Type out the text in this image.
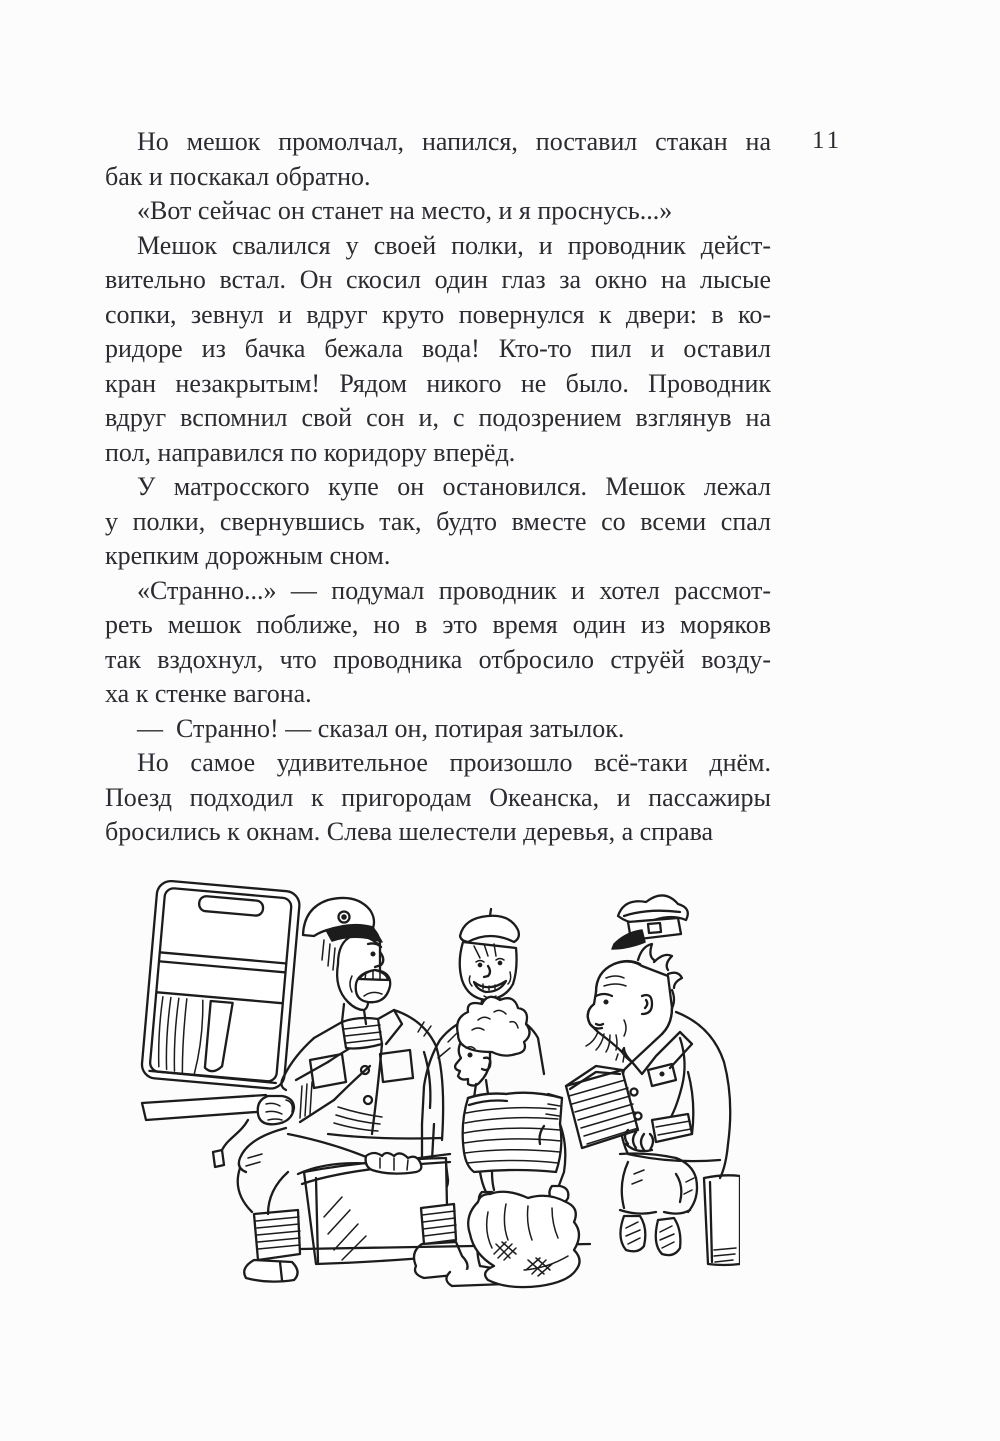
11
Но мешок промолчал, напился, поставил стакан на
бак и поскакал обратно.
«Вот сейчас он станет на место, и я проснусь...»
Мешок свалился у своей полки, и проводник дейст-
вительно встал. Он скосил один глаз за окно на лысые
сопки, зевнул и вдруг круто повернулся к двери: в ко-
ридоре из бачка бежала вода! Кто-то пил и оставил
кран незакрытым! Рядом никого не было. Проводник
вдруг вспомнил свой сон и, с подозрением взглянув на
пол, направился по коридору вперёд.
У матросского купе он остановился. Мешок лежал
у полки, свернувшись так, будто вместе со всеми спал
крепким дорожным сном.
«Странно...» — подумал проводник и хотел рассмот-
реть мешок поближе, но в это время один из моряков
так вздохнул, что проводника отбросило струёй возду-
ха к стенке вагона.
— Странно! — сказал он, потирая затылок.
Но самое удивительное произошло всё-таки днём.
Поезд подходил к пригородам Океанска, и пассажиры
бросились к окнам. Слева шелестели деревья, а справа
